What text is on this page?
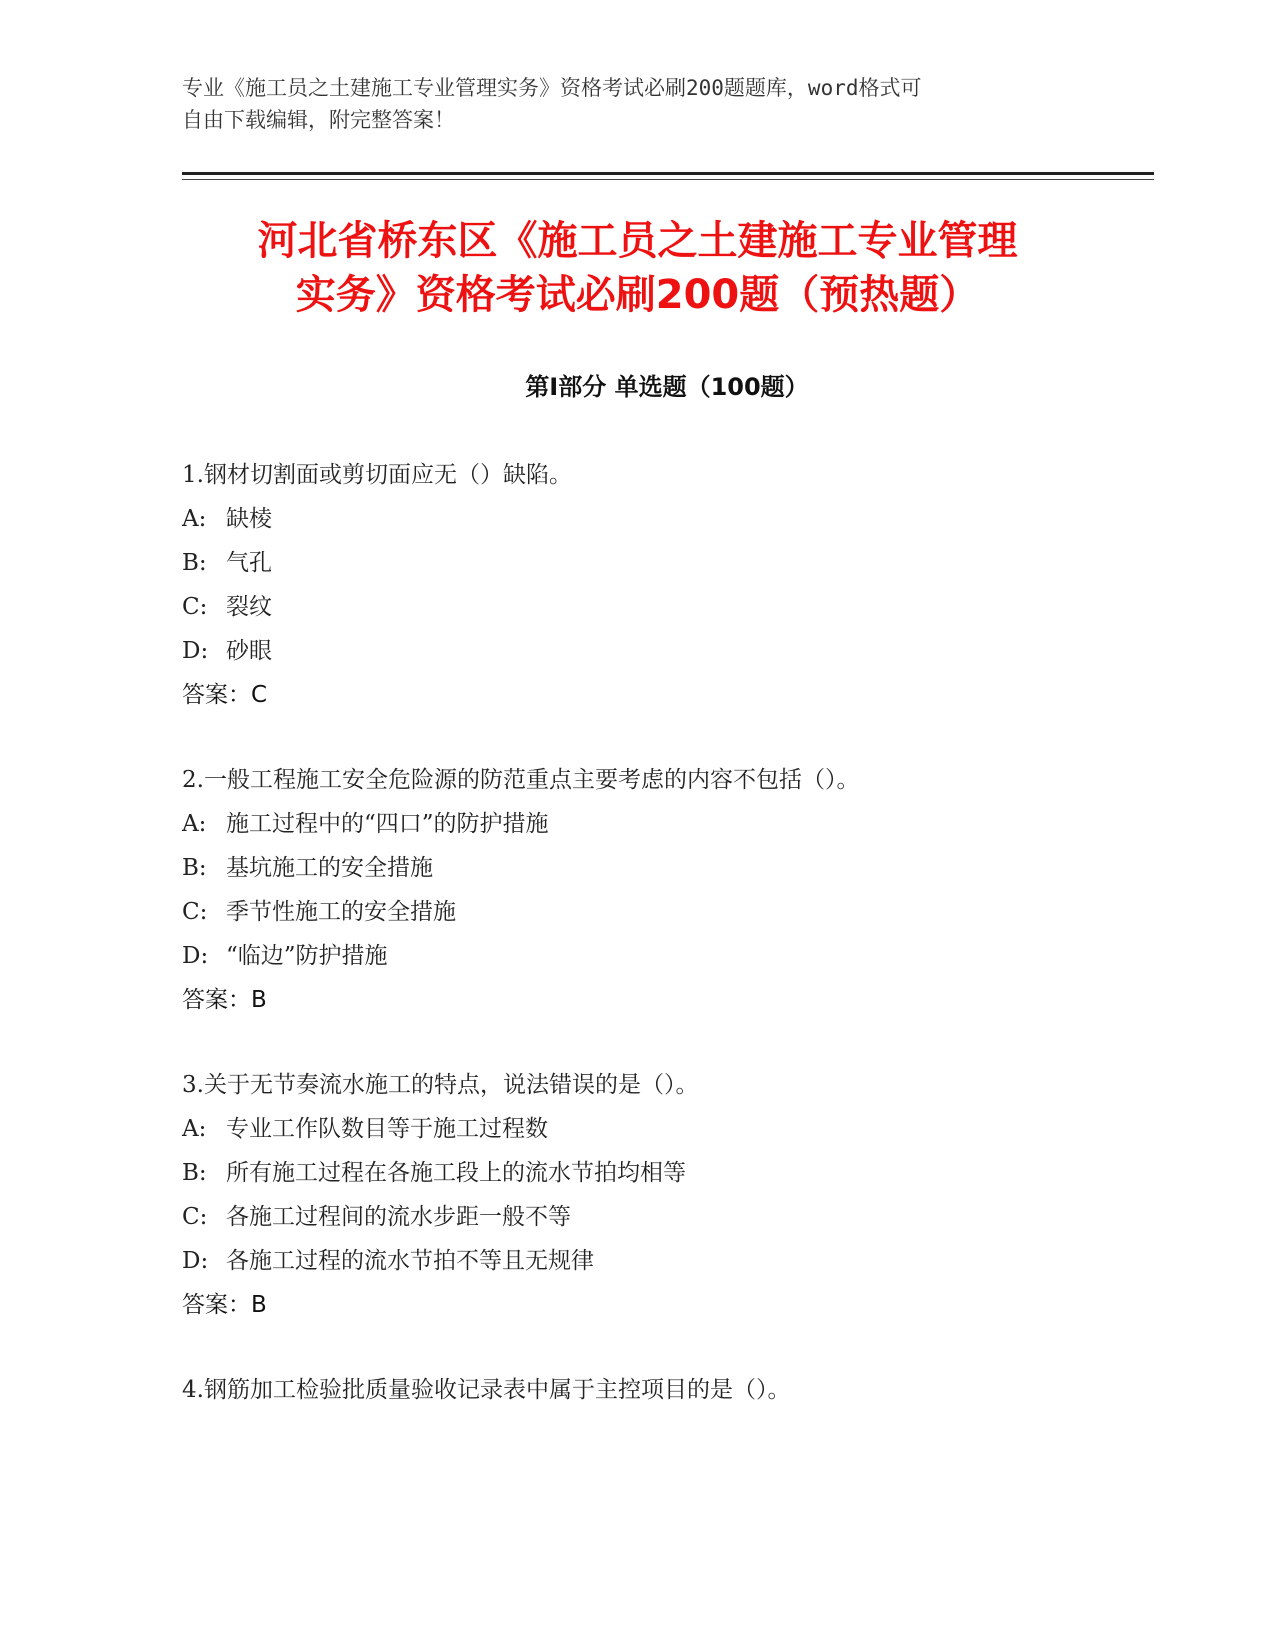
专业《施工员之土建施工专业管理实务》资格考试必刷200题题库，word格式可
自由下载编辑，附完整答案！
河北省桥东区《施工员之土建施工专业管理
实务》资格考试必刷200题（预热题）
第Ⅰ部分 单选题（100题）
1.钢材切割面或剪切面应无（）缺陷。
A: 缺棱
B: 气孔
C: 裂纹
D: 砂眼
答案：C
2.一般工程施工安全危险源的防范重点主要考虑的内容不包括（）。
A: 施工过程中的“四口”的防护措施
B: 基坑施工的安全措施
C: 季节性施工的安全措施
D: “临边”防护措施
答案：B
3.关于无节奏流水施工的特点，说法错误的是（）。
A: 专业工作队数目等于施工过程数
B: 所有施工过程在各施工段上的流水节拍均相等
C: 各施工过程间的流水步距一般不等
D: 各施工过程的流水节拍不等且无规律
答案：B
4.钢筋加工检验批质量验收记录表中属于主控项目的是（）。
